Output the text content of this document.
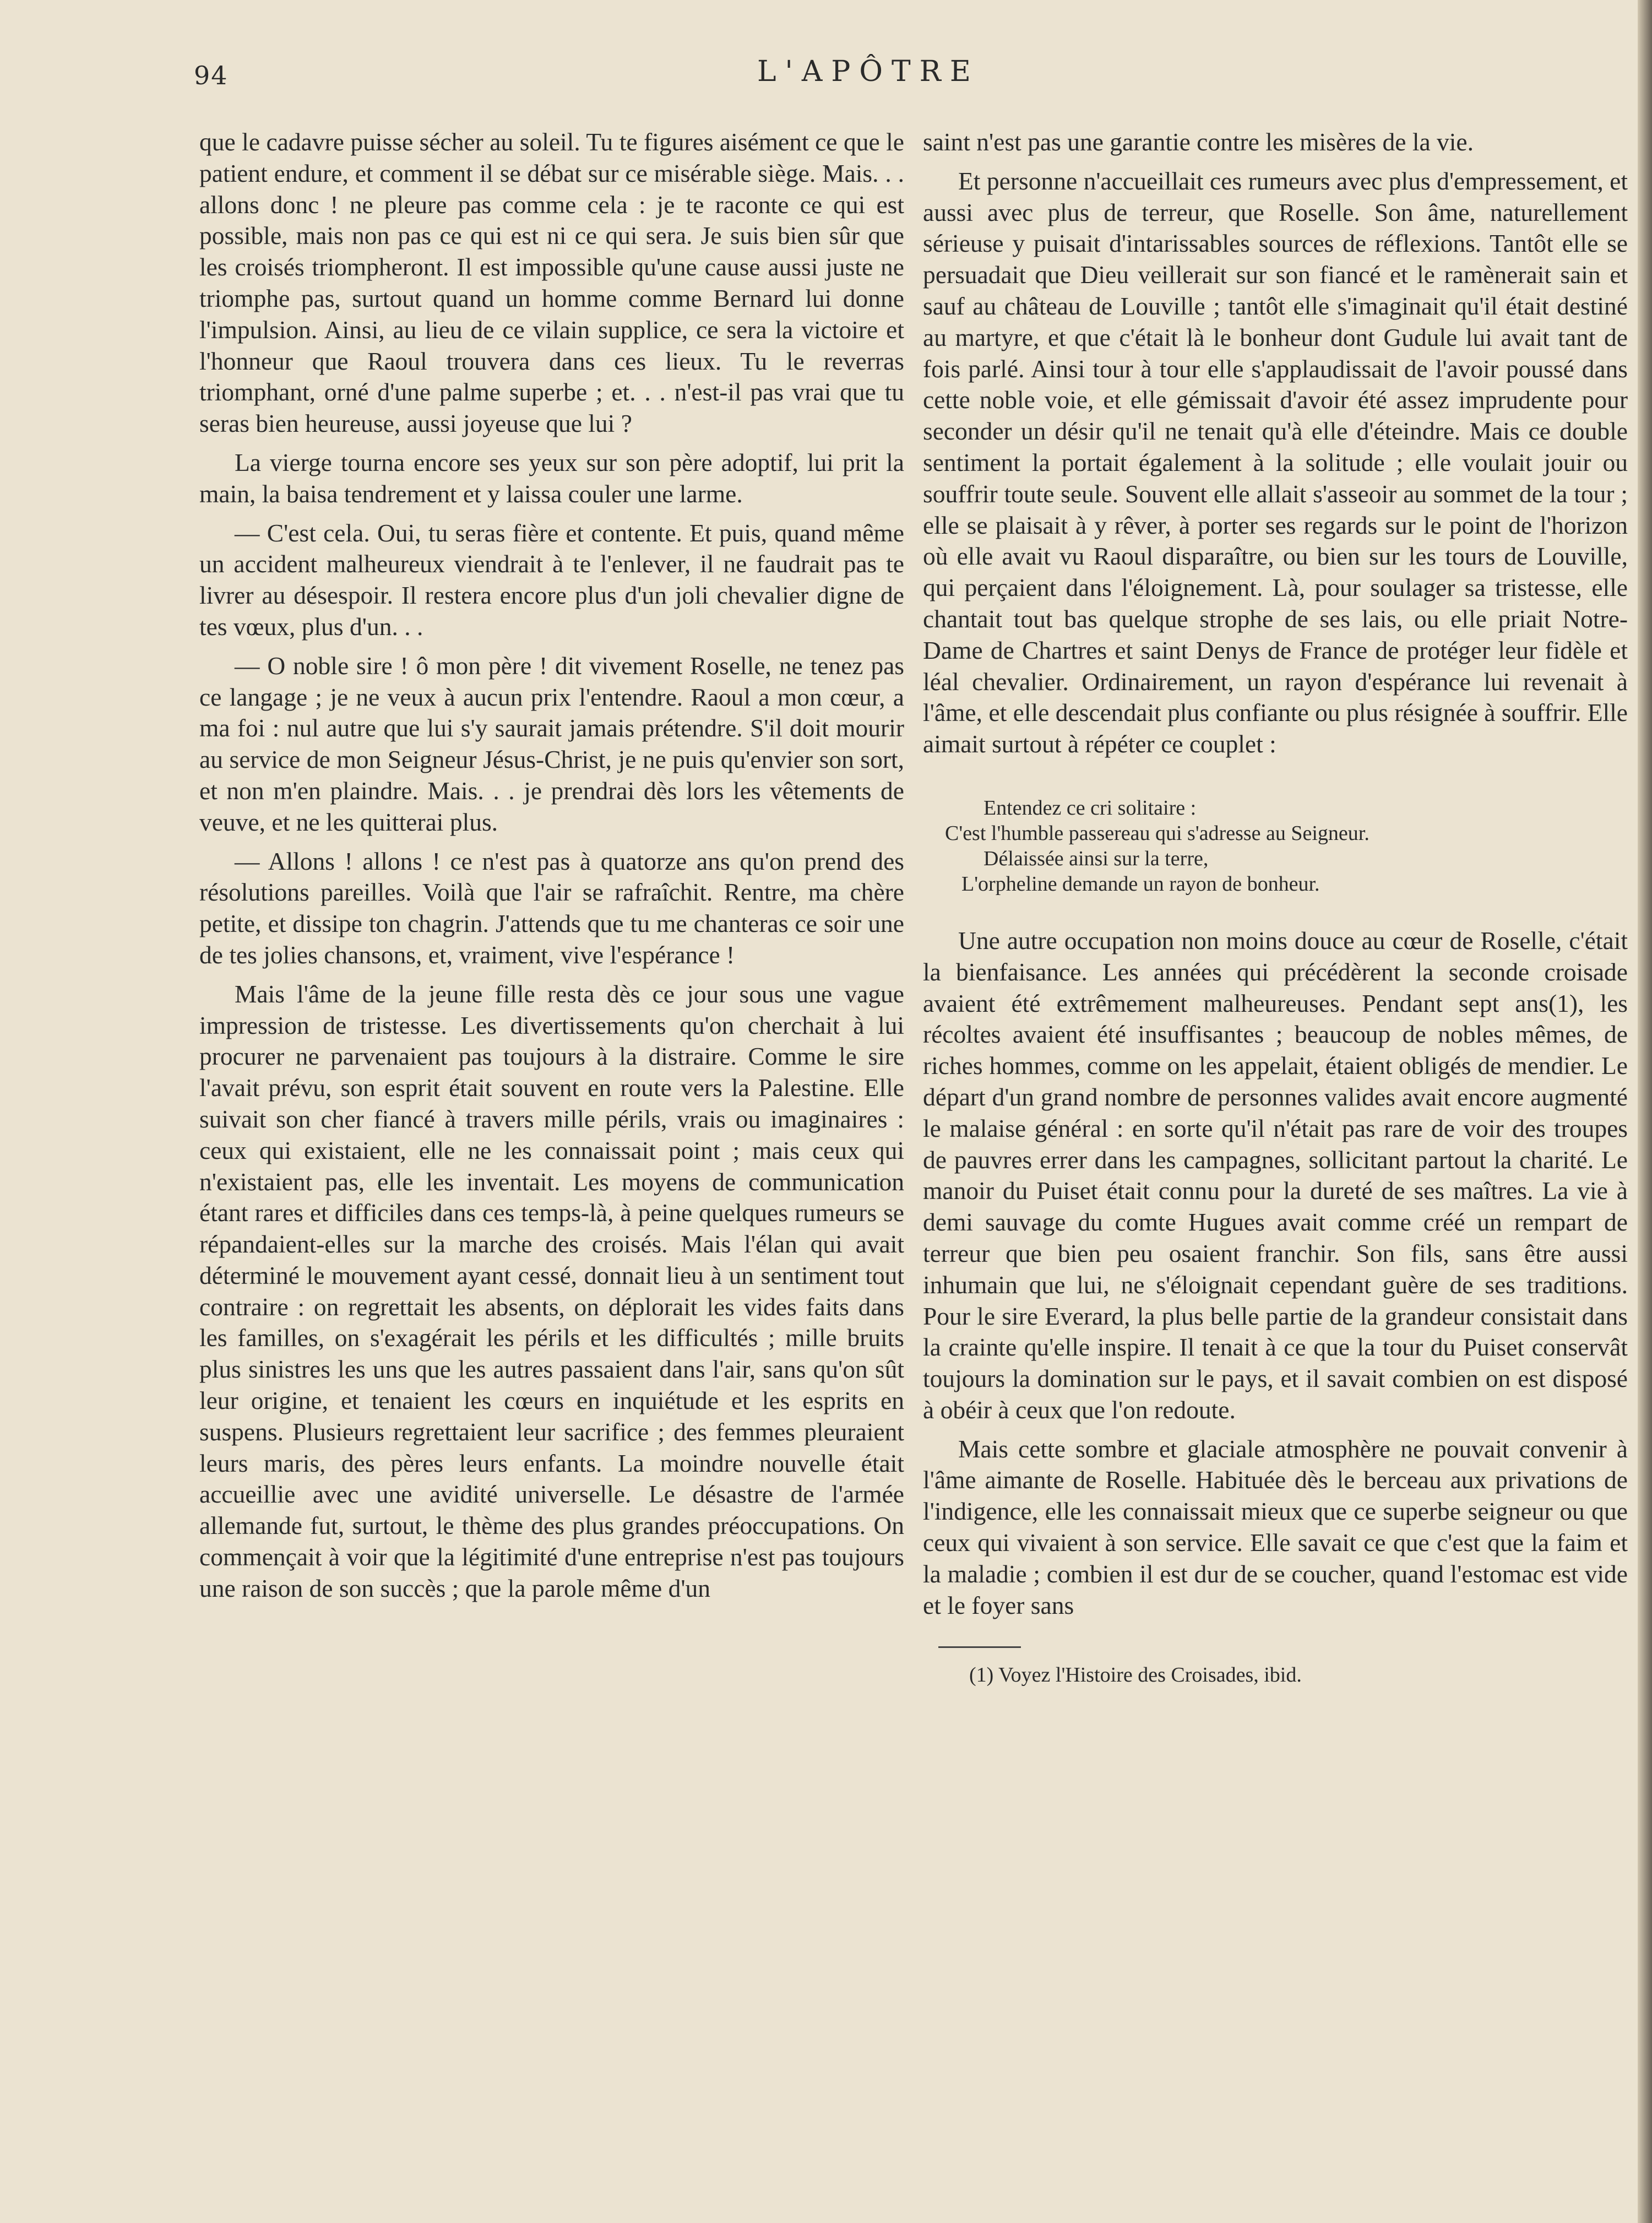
94	L'APÔTRE

que le cadavre puisse sécher au soleil. Tu te figures aisément ce que le patient endure, et comment il se débat sur ce misérable siège. Mais. . . allons donc ! ne pleure pas comme cela : je te raconte ce qui est possible, mais non pas ce qui est ni ce qui sera. Je suis bien sûr que les croisés triompheront. Il est impossible qu'une cause aussi juste ne triomphe pas, surtout quand un homme comme Bernard lui donne l'impulsion. Ainsi, au lieu de ce vilain supplice, ce sera la victoire et l'honneur que Raoul trouvera dans ces lieux. Tu le reverras triomphant, orné d'une palme superbe ; et. . . n'est-il pas vrai que tu seras bien heureuse, aussi joyeuse que lui ?

La vierge tourna encore ses yeux sur son père adoptif, lui prit la main, la baisa tendrement et y laissa couler une larme.

— C'est cela. Oui, tu seras fière et contente. Et puis, quand même un accident malheureux viendrait à te l'enlever, il ne faudrait pas te livrer au désespoir. Il restera encore plus d'un joli chevalier digne de tes vœux, plus d'un. . .

— O noble sire ! ô mon père ! dit vivement Roselle, ne tenez pas ce langage ; je ne veux à aucun prix l'entendre. Raoul a mon cœur, a ma foi : nul autre que lui s'y saurait jamais prétendre. S'il doit mourir au service de mon Seigneur Jésus-Christ, je ne puis qu'envier son sort, et non m'en plaindre. Mais. . . je prendrai dès lors les vêtements de veuve, et ne les quitterai plus.

— Allons ! allons ! ce n'est pas à quatorze ans qu'on prend des résolutions pareilles. Voilà que l'air se rafraîchit. Rentre, ma chère petite, et dissipe ton chagrin. J'attends que tu me chanteras ce soir une de tes jolies chansons, et, vraiment, vive l'espérance !

Mais l'âme de la jeune fille resta dès ce jour sous une vague impression de tristesse. Les divertissements qu'on cherchait à lui procurer ne parvenaient pas toujours à la distraire. Comme le sire l'avait prévu, son esprit était souvent en route vers la Palestine. Elle suivait son cher fiancé à travers mille périls, vrais ou imaginaires : ceux qui existaient, elle ne les connaissait point ; mais ceux qui n'existaient pas, elle les inventait. Les moyens de communication étant rares et difficiles dans ces temps-là, à peine quelques rumeurs se répandaient-elles sur la marche des croisés. Mais l'élan qui avait déterminé le mouvement ayant cessé, donnait lieu à un sentiment tout contraire : on regrettait les absents, on déplorait les vides faits dans les familles, on s'exagérait les périls et les difficultés ; mille bruits plus sinistres les uns que les autres passaient dans l'air, sans qu'on sût leur origine, et tenaient les cœurs en inquiétude et les esprits en suspens. Plusieurs regrettaient leur sacrifice ; des femmes pleuraient leurs maris, des pères leurs enfants. La moindre nouvelle était accueillie avec une avidité universelle. Le désastre de l'armée allemande fut, surtout, le thème des plus grandes préoccupations. On commençait à voir que la légitimité d'une entreprise n'est pas toujours une raison de son succès ; que la parole même d'un

saint n'est pas une garantie contre les misères de la vie.

Et personne n'accueillait ces rumeurs avec plus d'empressement, et aussi avec plus de terreur, que Roselle. Son âme, naturellement sérieuse y puisait d'intarissables sources de réflexions. Tantôt elle se persuadait que Dieu veillerait sur son fiancé et le ramènerait sain et sauf au château de Louville ; tantôt elle s'imaginait qu'il était destiné au martyre, et que c'était là le bonheur dont Gudule lui avait tant de fois parlé. Ainsi tour à tour elle s'applaudissait de l'avoir poussé dans cette noble voie, et elle gémissait d'avoir été assez imprudente pour seconder un désir qu'il ne tenait qu'à elle d'éteindre. Mais ce double sentiment la portait également à la solitude ; elle voulait jouir ou souffrir toute seule. Souvent elle allait s'asseoir au sommet de la tour ; elle se plaisait à y rêver, à porter ses regards sur le point de l'horizon où elle avait vu Raoul disparaître, ou bien sur les tours de Louville, qui perçaient dans l'éloignement. Là, pour soulager sa tristesse, elle chantait tout bas quelque strophe de ses lais, ou elle priait Notre-Dame de Chartres et saint Denys de France de protéger leur fidèle et léal chevalier. Ordinairement, un rayon d'espérance lui revenait à l'âme, et elle descendait plus confiante ou plus résignée à souffrir. Elle aimait surtout à répéter ce couplet :

Entendez ce cri solitaire :
C'est l'humble passereau qui s'adresse au Seigneur.
Délaissée ainsi sur la terre,
L'orpheline demande un rayon de bonheur.

Une autre occupation non moins douce au cœur de Roselle, c'était la bienfaisance. Les années qui précédèrent la seconde croisade avaient été extrêmement malheureuses. Pendant sept ans(1), les récoltes avaient été insuffisantes ; beaucoup de nobles mêmes, de riches hommes, comme on les appelait, étaient obligés de mendier. Le départ d'un grand nombre de personnes valides avait encore augmenté le malaise général : en sorte qu'il n'était pas rare de voir des troupes de pauvres errer dans les campagnes, sollicitant partout la charité. Le manoir du Puiset était connu pour la dureté de ses maîtres. La vie à demi sauvage du comte Hugues avait comme créé un rempart de terreur que bien peu osaient franchir. Son fils, sans être aussi inhumain que lui, ne s'éloignait cependant guère de ses traditions. Pour le sire Everard, la plus belle partie de la grandeur consistait dans la crainte qu'elle inspire. Il tenait à ce que la tour du Puiset conservât toujours la domination sur le pays, et il savait combien on est disposé à obéir à ceux que l'on redoute.

Mais cette sombre et glaciale atmosphère ne pouvait convenir à l'âme aimante de Roselle. Habituée dès le berceau aux privations de l'indigence, elle les connaissait mieux que ce superbe seigneur ou que ceux qui vivaient à son service. Elle savait ce que c'est que la faim et la maladie ; combien il est dur de se coucher, quand l'estomac est vide et le foyer sans

(1) Voyez l'Histoire des Croisades, ibid.
